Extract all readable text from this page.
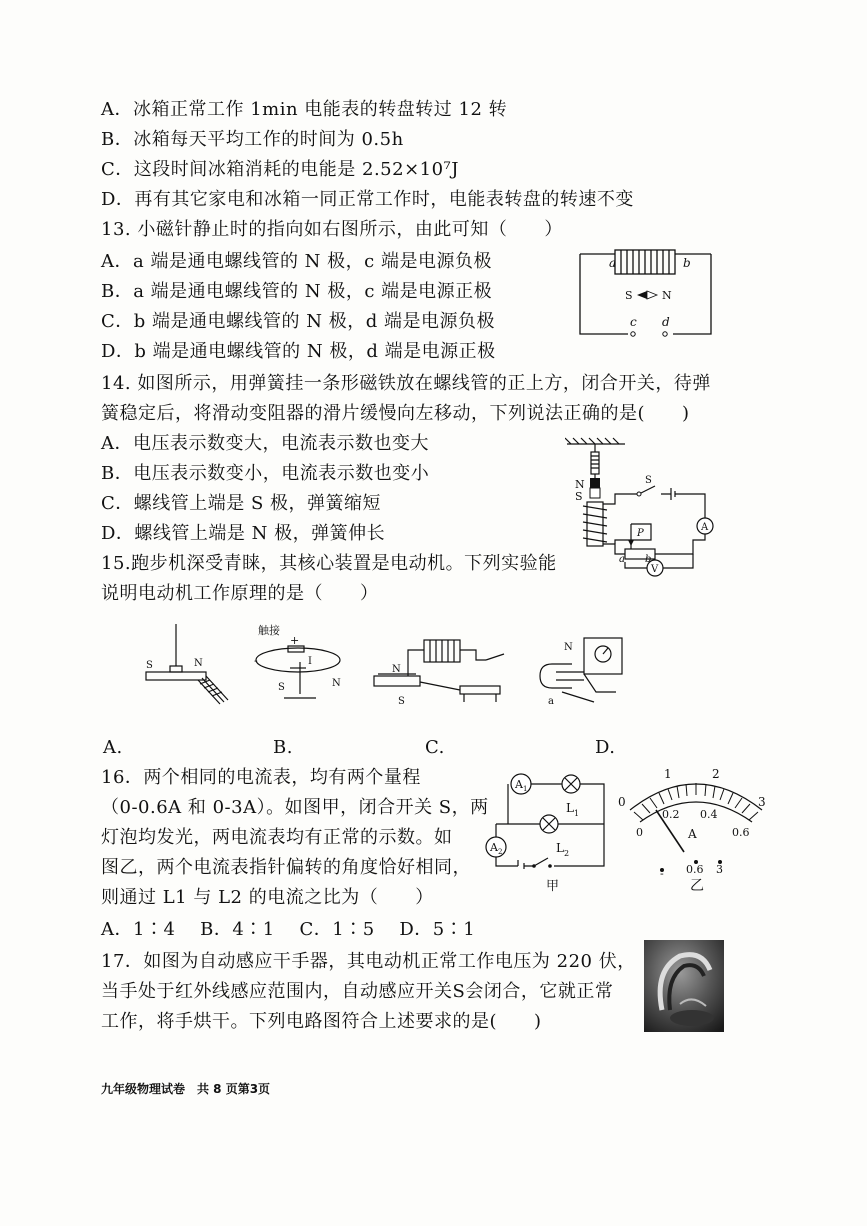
A．冰箱正常工作 1min 电能表的转盘转过 12 转
B．冰箱每天平均工作的时间为 0.5h
C．这段时间冰箱消耗的电能是 2.52×10⁷J
D．再有其它家电和冰箱一同正常工作时，电能表转盘的转速不变
13. 小磁针静止时的指向如右图所示，由此可知（　　）
A．a 端是通电螺线管的 N 极，c 端是电源负极
B．a 端是通电螺线管的 N 极，c 端是电源正极
C．b 端是通电螺线管的 N 极，d 端是电源负极
D．b 端是通电螺线管的 N 极，d 端是电源正极
a	b
S	N
c d
14. 如图所示，用弹簧挂一条形磁铁放在螺线管的正上方，闭合开关，待弹
簧稳定后，将滑动变阻器的滑片缓慢向左移动，下列说法正确的是(　　)
A．电压表示数变大，电流表示数也变大
B．电压表示数变小，电流表示数也变小
C．螺线管上端是 S 极，弹簧缩短
D．螺线管上端是 N 极，弹簧伸长
N
S
S
P
a b
A
V
15.跑步机深受青睐，其核心装置是电动机。下列实验能
说明电动机工作原理的是（　　）
S	N
A.
触接
+
-	I
S	N
B.
N
S
C.
N
a
D.
16．两个相同的电流表，均有两个量程
（0-0.6A 和 0-3A）。如图甲，闭合开关 S，两
灯泡均发光，两电流表均有正常的示数。如
图乙，两个电流表指针偏转的角度恰好相同，
则通过 L1 与 L2 的电流之比为（　　）
A．1∶4　 B．4∶1　 C．1∶5　 D．5∶1
A 1
A 2
L 1
L 2
甲
0
1	2
3
0
0.2 0.4
0.6
A
- 0.6 3
乙
17．如图为自动感应干手器，其电动机正常工作电压为 220 伏，
当手处于红外线感应范围内，自动感应开关S会闭合，它就正常
工作，将手烘干。下列电路图符合上述要求的是(　　)
九年级物理试卷　共 8 页第3页
